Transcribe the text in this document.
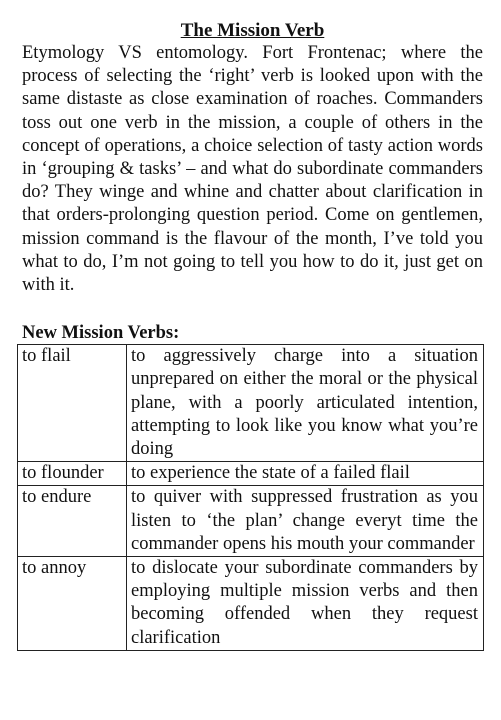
The Mission Verb

Etymology VS entomology. Fort Frontenac; where the process of selecting the ‘right’ verb is looked upon with the same distaste as close examination of roaches. Commanders toss out one verb in the mission, a couple of others in the concept of operations, a choice selection of tasty action words in ‘grouping & tasks’ – and what do subordinate commanders do? They winge and whine and chatter about clarification in that orders-prolonging question period. Come on gentlemen, mission command is the flavour of the month, I’ve told you what to do, I’m not going to tell you how to do it, just get on with it.

New Mission Verbs:
to flail	to aggressively charge into a situation unprepared on either the moral or the physical plane, with a poorly articulated intention, attempting to look like you know what you’re doing
to flounder	to experience the state of a failed flail
to endure	to quiver with suppressed frustration as you listen to ‘the plan’ change everyt time the commander opens his mouth your commander
to annoy	to dislocate your subordinate commanders by employing multiple mission verbs and then becoming offended when they request clarification
